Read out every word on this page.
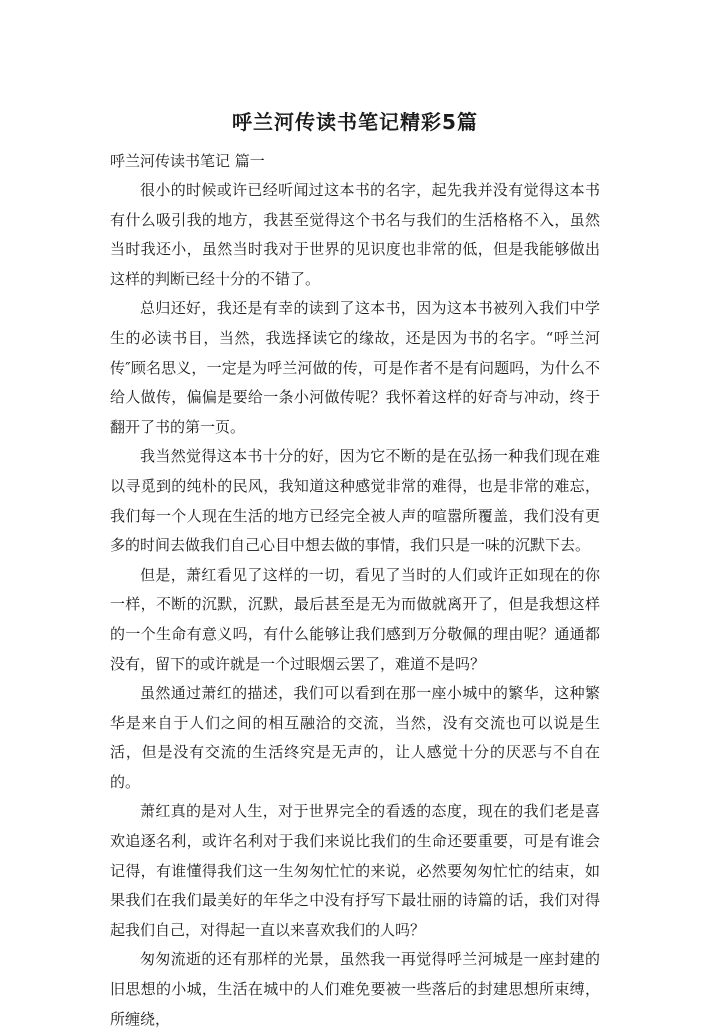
呼兰河传读书笔记精彩5篇

呼兰河传读书笔记 篇一

很小的时候或许已经听闻过这本书的名字，起先我并没有觉得这本书有什么吸引我的地方，我甚至觉得这个书名与我们的生活格格不入，虽然当时我还小，虽然当时我对于世界的见识度也非常的低，但是我能够做出这样的判断已经十分的不错了。

总归还好，我还是有幸的读到了这本书，因为这本书被列入我们中学生的必读书目，当然，我选择读它的缘故，还是因为书的名字。“呼兰河传″顾名思义，一定是为呼兰河做的传，可是作者不是有问题吗，为什么不给人做传，偏偏是要给一条小河做传呢？我怀着这样的好奇与冲动，终于翻开了书的第一页。

我当然觉得这本书十分的好，因为它不断的是在弘扬一种我们现在难以寻觅到的纯朴的民风，我知道这种感觉非常的难得，也是非常的难忘，我们每一个人现在生活的地方已经完全被人声的喧嚣所覆盖，我们没有更多的时间去做我们自己心目中想去做的事情，我们只是一味的沉默下去。

但是，萧红看见了这样的一切，看见了当时的人们或许正如现在的你一样，不断的沉默，沉默，最后甚至是无为而做就离开了，但是我想这样的一个生命有意义吗，有什么能够让我们感到万分敬佩的理由呢？通通都没有，留下的或许就是一个过眼烟云罢了，难道不是吗？

虽然通过萧红的描述，我们可以看到在那一座小城中的繁华，这种繁华是来自于人们之间的相互融洽的交流，当然，没有交流也可以说是生活，但是没有交流的生活终究是无声的，让人感觉十分的厌恶与不自在的。

萧红真的是对人生，对于世界完全的看透的态度，现在的我们老是喜欢追逐名利，或许名利对于我们来说比我们的生命还要重要，可是有谁会记得，有谁懂得我们这一生匆匆忙忙的来说，必然要匆匆忙忙的结束，如果我们在我们最美好的年华之中没有抒写下最壮丽的诗篇的话，我们对得起我们自己，对得起一直以来喜欢我们的人吗？

匆匆流逝的还有那样的光景，虽然我一再觉得呼兰河城是一座封建的旧思想的小城，生活在城中的人们难免要被一些落后的封建思想所束缚，所缠绕，
